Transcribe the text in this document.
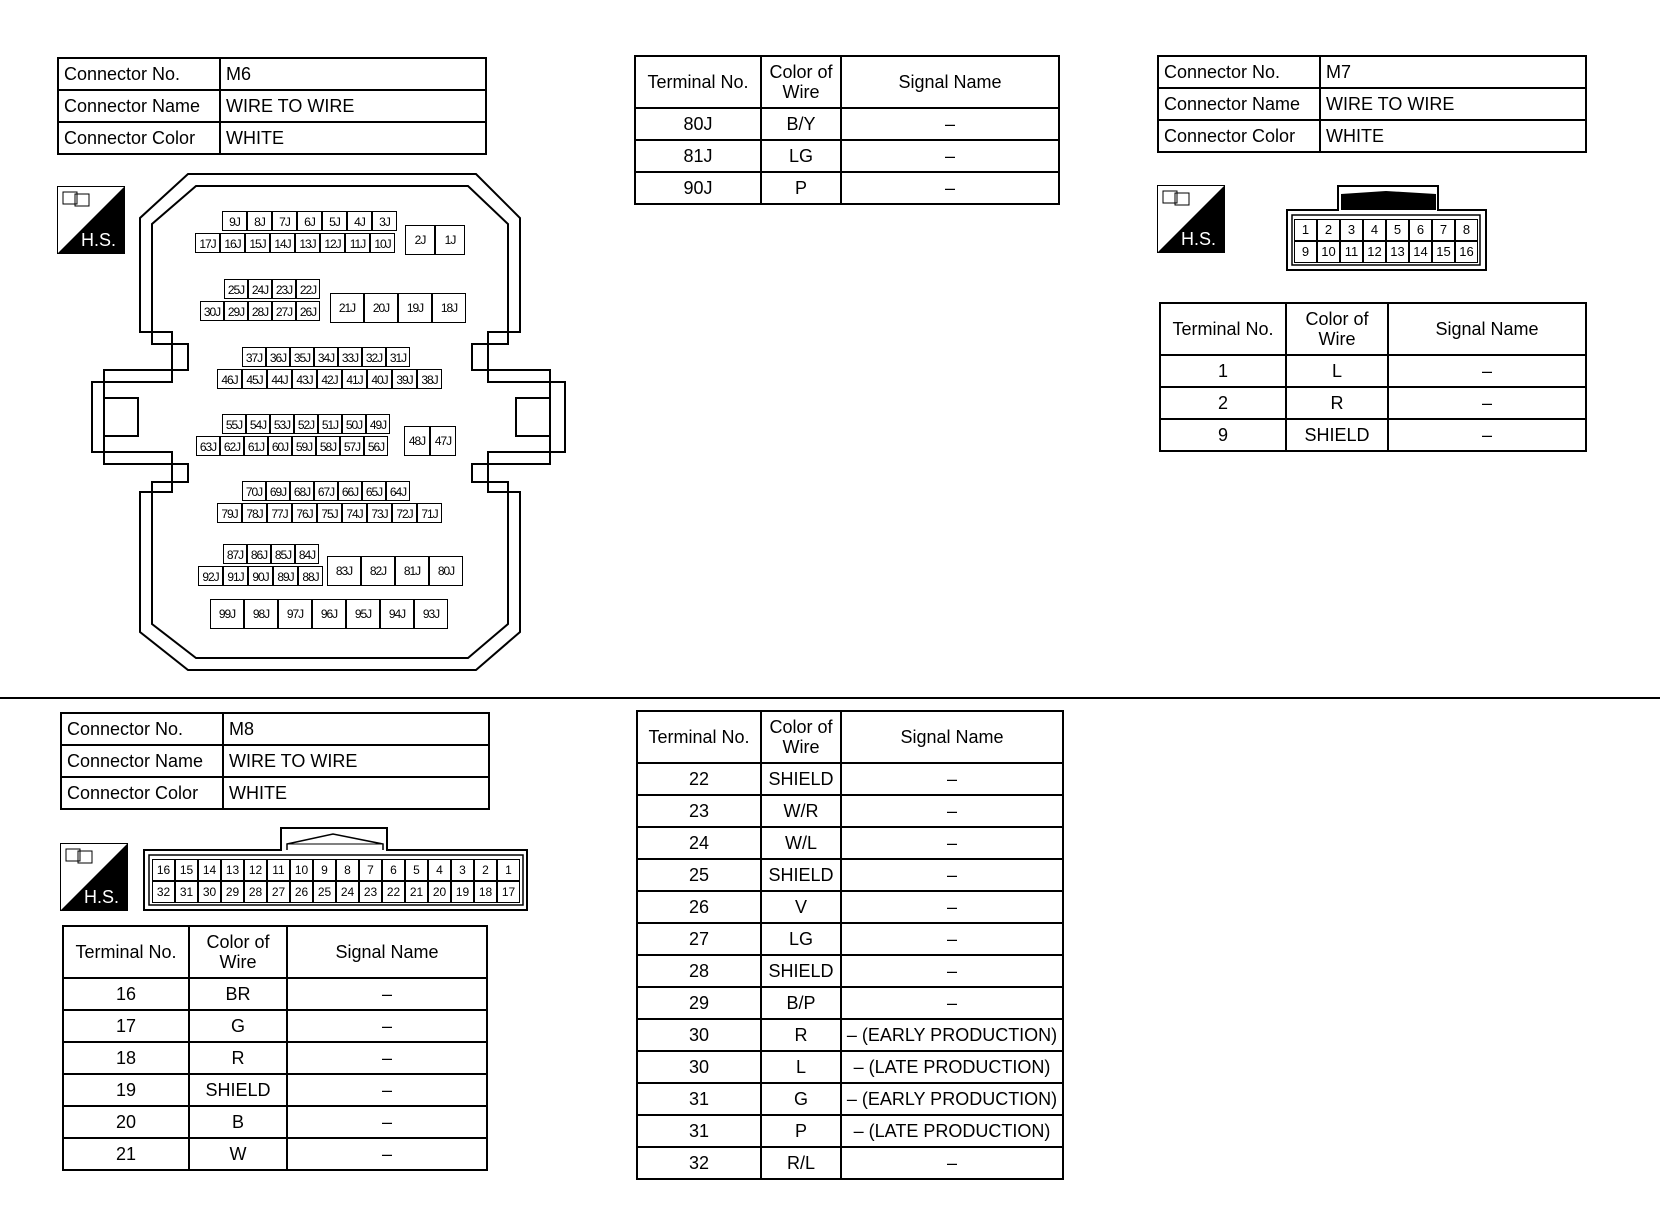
Connector No.	M6
Connector Name	WIRE TO WIRE
Connector Color	WHITE
H.S.
9J	8J	7J	6J	5J	4J	3J
17J 16J 15J 14J 13J 12J 11J 10J	2J	1J
25J 24J 23J 22J
30J 29J 28J 27J 26J	21J	20J	19J	18J
37J 36J 35J 34J 33J 32J 31J
46J 45J 44J 43J 42J 41J 40J 39J 38J
55J 54J 53J 52J 51J 50J 49J
63J 62J 61J 60J 59J 58J 57J 56J	48J 47J
70J 69J 68J 67J 66J 65J 64J
79J 78J 77J 76J 75J 74J 73J 72J 71J
87J 86J 85J 84J
92J 91J 90J 89J 88J	83J	82J	81J	80J
99J	98J	97J	96J	95J	94J	93J
Terminal No.	Color of
Wire	Signal Name
80J	B/Y	–
81J	LG	–
90J	P	–
Connector No.	M7
Connector Name	WIRE TO WIRE
Connector Color	WHITE
H.S.	1	2	3	4	5	6	7	8
9 10 11 12 13 14 15 16
Terminal No.	Color of
Wire	Signal Name
1	L	–
2	R	–
9	SHIELD	–
Connector No.	M8
Connector Name	WIRE TO WIRE
Connector Color	WHITE
H.S.
16 15 14 13 12 11 10	9	8	7	6	5	4	3	2	1
32 31 30 29 28 27 26 25 24 23 22 21 20 19 18 17
Terminal No.	Color of
Wire	Signal Name
16	BR	–
17	G	–
18	R	–
19	SHIELD	–
20	B	–
21	W	–
Terminal No.	Color of
Wire	Signal Name
22	SHIELD	–
23	W/R	–
24	W/L	–
25	SHIELD	–
26	V	–
27	LG	–
28	SHIELD	–
29	B/P	–
30	R	– (EARLY PRODUCTION)
30	L	– (LATE PRODUCTION)
31	G	– (EARLY PRODUCTION)
31	P	– (LATE PRODUCTION)
32	R/L	–
